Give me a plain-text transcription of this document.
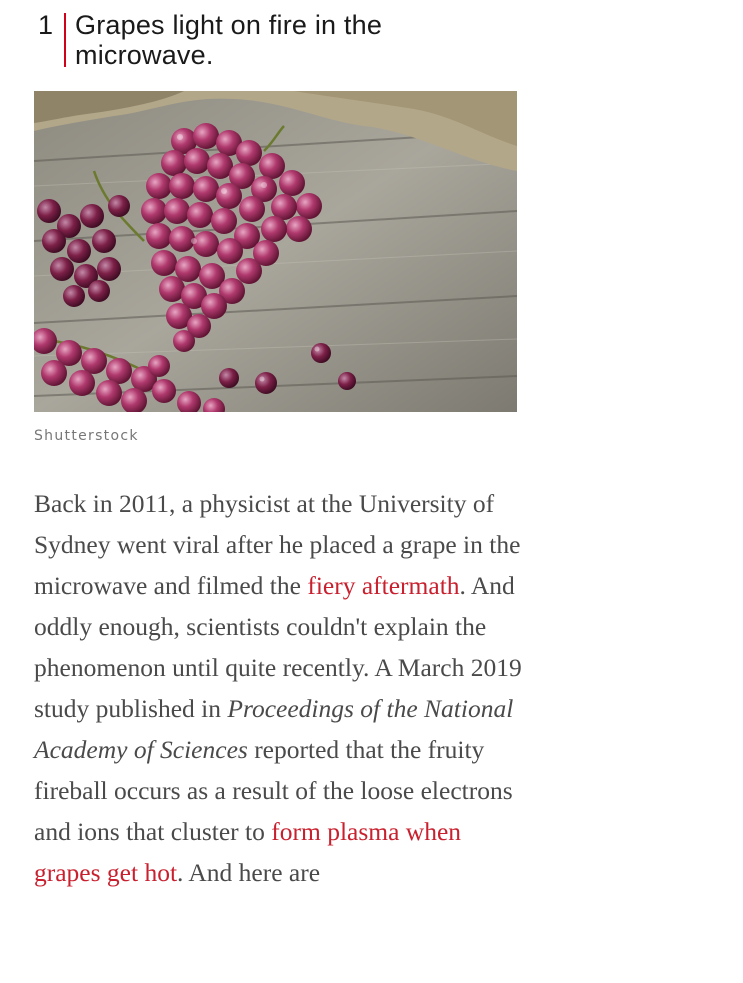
1 Grapes light on fire in the microwave.
Shutterstock

Back in 2011, a physicist at the University of Sydney went viral after he placed a grape in the microwave and filmed the fiery aftermath. And oddly enough, scientists couldn't explain the phenomenon until quite recently. A March 2019 study published in Proceedings of the National Academy of Sciences reported that the fruity fireball occurs as a result of the loose electrons and ions that cluster to form plasma when grapes get hot. And here are
